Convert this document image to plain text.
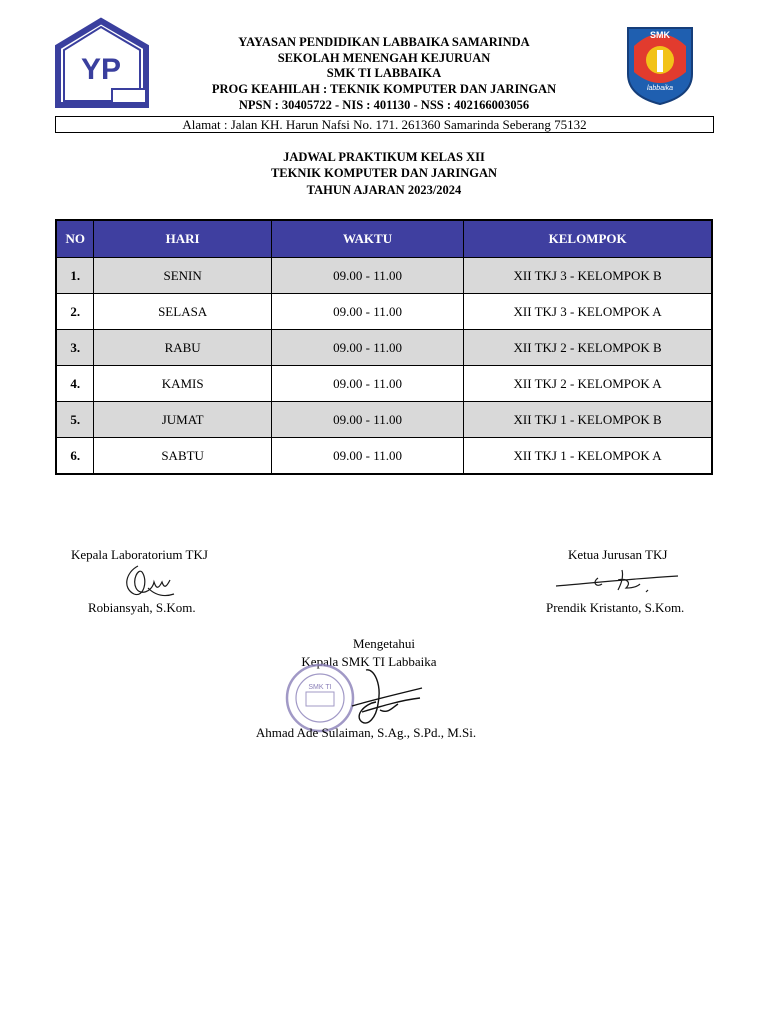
YP
SMK
labbaika
YAYASAN PENDIDIKAN LABBAIKA SAMARINDA
SEKOLAH MENENGAH KEJURUAN
SMK TI LABBAIKA
PROG KEAHILAH : TEKNIK KOMPUTER DAN JARINGAN
NPSN : 30405722 - NIS : 401130 - NSS : 402166003056
Alamat : Jalan KH. Harun Nafsi No. 171. 261360 Samarinda Seberang 75132
JADWAL PRAKTIKUM KELAS XII
TEKNIK KOMPUTER DAN JARINGAN
TAHUN AJARAN 2023/2024
NO	HARI	WAKTU	KELOMPOK
1.	SENIN	09.00 - 11.00	XII TKJ 3 - KELOMPOK B
2.	SELASA	09.00 - 11.00	XII TKJ 3 - KELOMPOK A
3.	RABU	09.00 - 11.00	XII TKJ 2 - KELOMPOK B
4.	KAMIS	09.00 - 11.00	XII TKJ 2 - KELOMPOK A
5.	JUMAT	09.00 - 11.00	XII TKJ 1 - KELOMPOK B
6.	SABTU	09.00 - 11.00	XII TKJ 1 - KELOMPOK A
Kepala Laboratorium TKJ
Robiansyah, S.Kom.
Ketua Jurusan TKJ
Prendik Kristanto, S.Kom.
Mengetahui
Kepala SMK TI Labbaika
SMK TI
Ahmad Ade Sulaiman, S.Ag., S.Pd., M.Si.
